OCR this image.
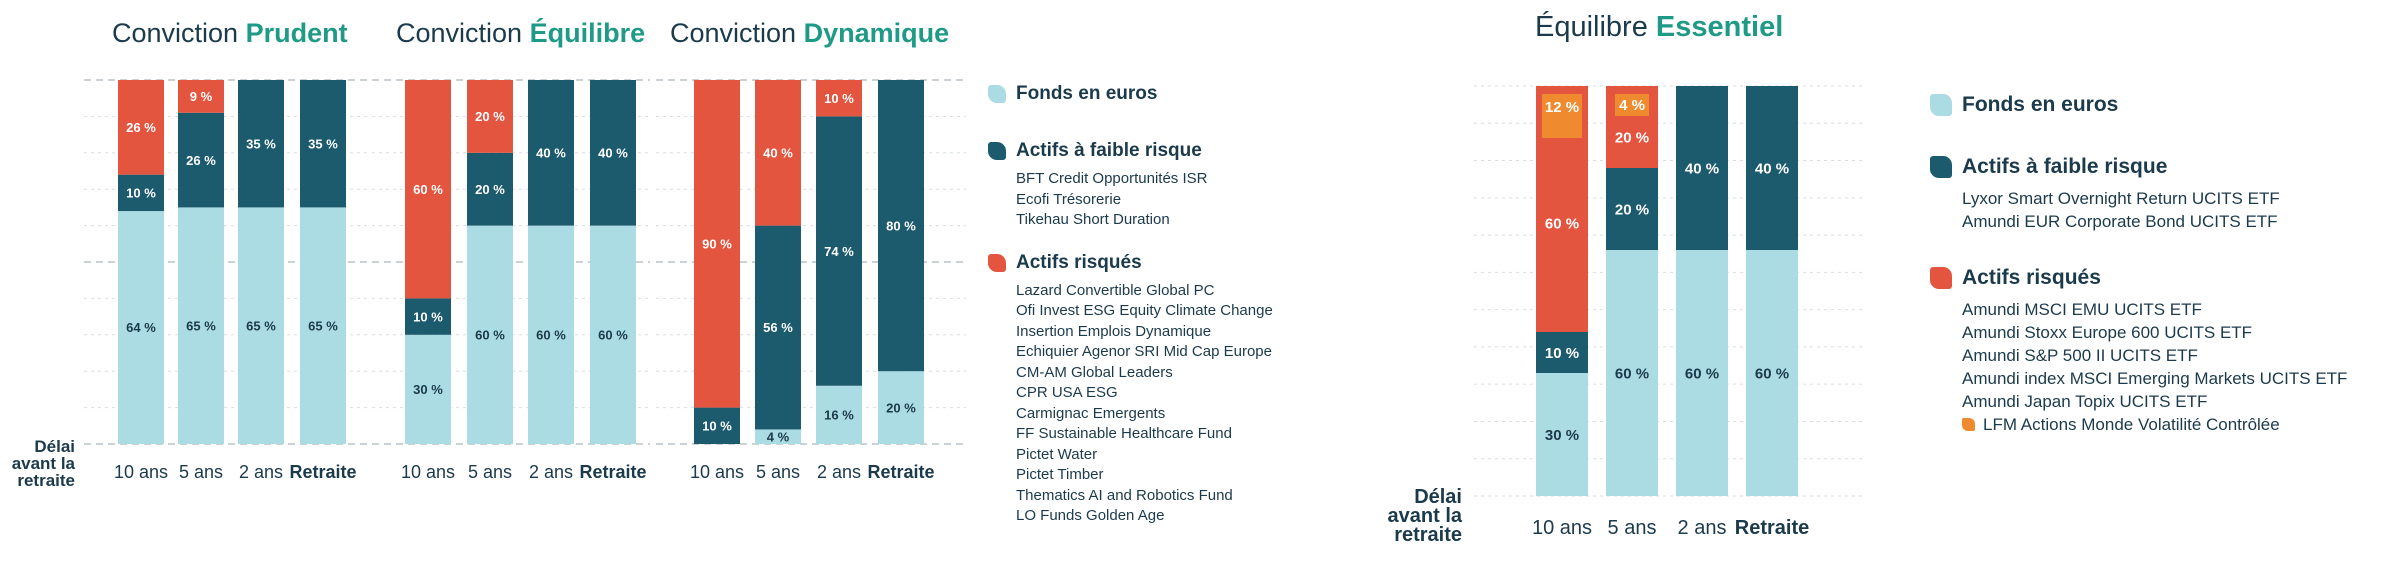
Conviction Prudent
64 %
10 %
26 %
10 ans
65 %
26 %
9 %
5 ans
65 %
35 %
2 ans
65 %
35 %
Retraite
Conviction Équilibre
30 %
10 %
60 %
10 ans
60 %
20 %
20 %
5 ans
60 %
40 %
2 ans
60 %
40 %
Retraite
Conviction Dynamique
10 %
90 %
10 ans
4 %
56 %
40 %
5 ans
16 %
74 %
10 %
2 ans
20 %
80 %
Retraite
Équilibre Essentiel
30 %
10 %
60 %
12 %
10 ans
60 %
20 %
20 %
4 %
5 ans
60 %
40 %
2 ans
60 %
40 %
Retraite
Délai
avant la
retraite
Délai
avant la
retraite
Fonds en euros
Actifs à faible risque
BFT Credit Opportunités ISR
Ecofi Trésorerie
Tikehau Short Duration
Actifs risqués
Lazard Convertible Global PC
Ofi Invest ESG Equity Climate Change
Insertion Emplois Dynamique
Echiquier Agenor SRI Mid Cap Europe
CM-AM Global Leaders
CPR USA ESG
Carmignac Emergents
FF Sustainable Healthcare Fund
Pictet Water
Pictet Timber
Thematics AI and Robotics Fund
LO Funds Golden Age
Fonds en euros
Actifs à faible risque
Lyxor Smart Overnight Return UCITS ETF
Amundi EUR Corporate Bond UCITS ETF
Actifs risqués
Amundi MSCI EMU UCITS ETF
Amundi Stoxx Europe 600 UCITS ETF
Amundi S&P 500 II UCITS ETF
Amundi index MSCI Emerging Markets UCITS ETF
Amundi Japan Topix UCITS ETF
LFM Actions Monde Volatilité Contrôlée
